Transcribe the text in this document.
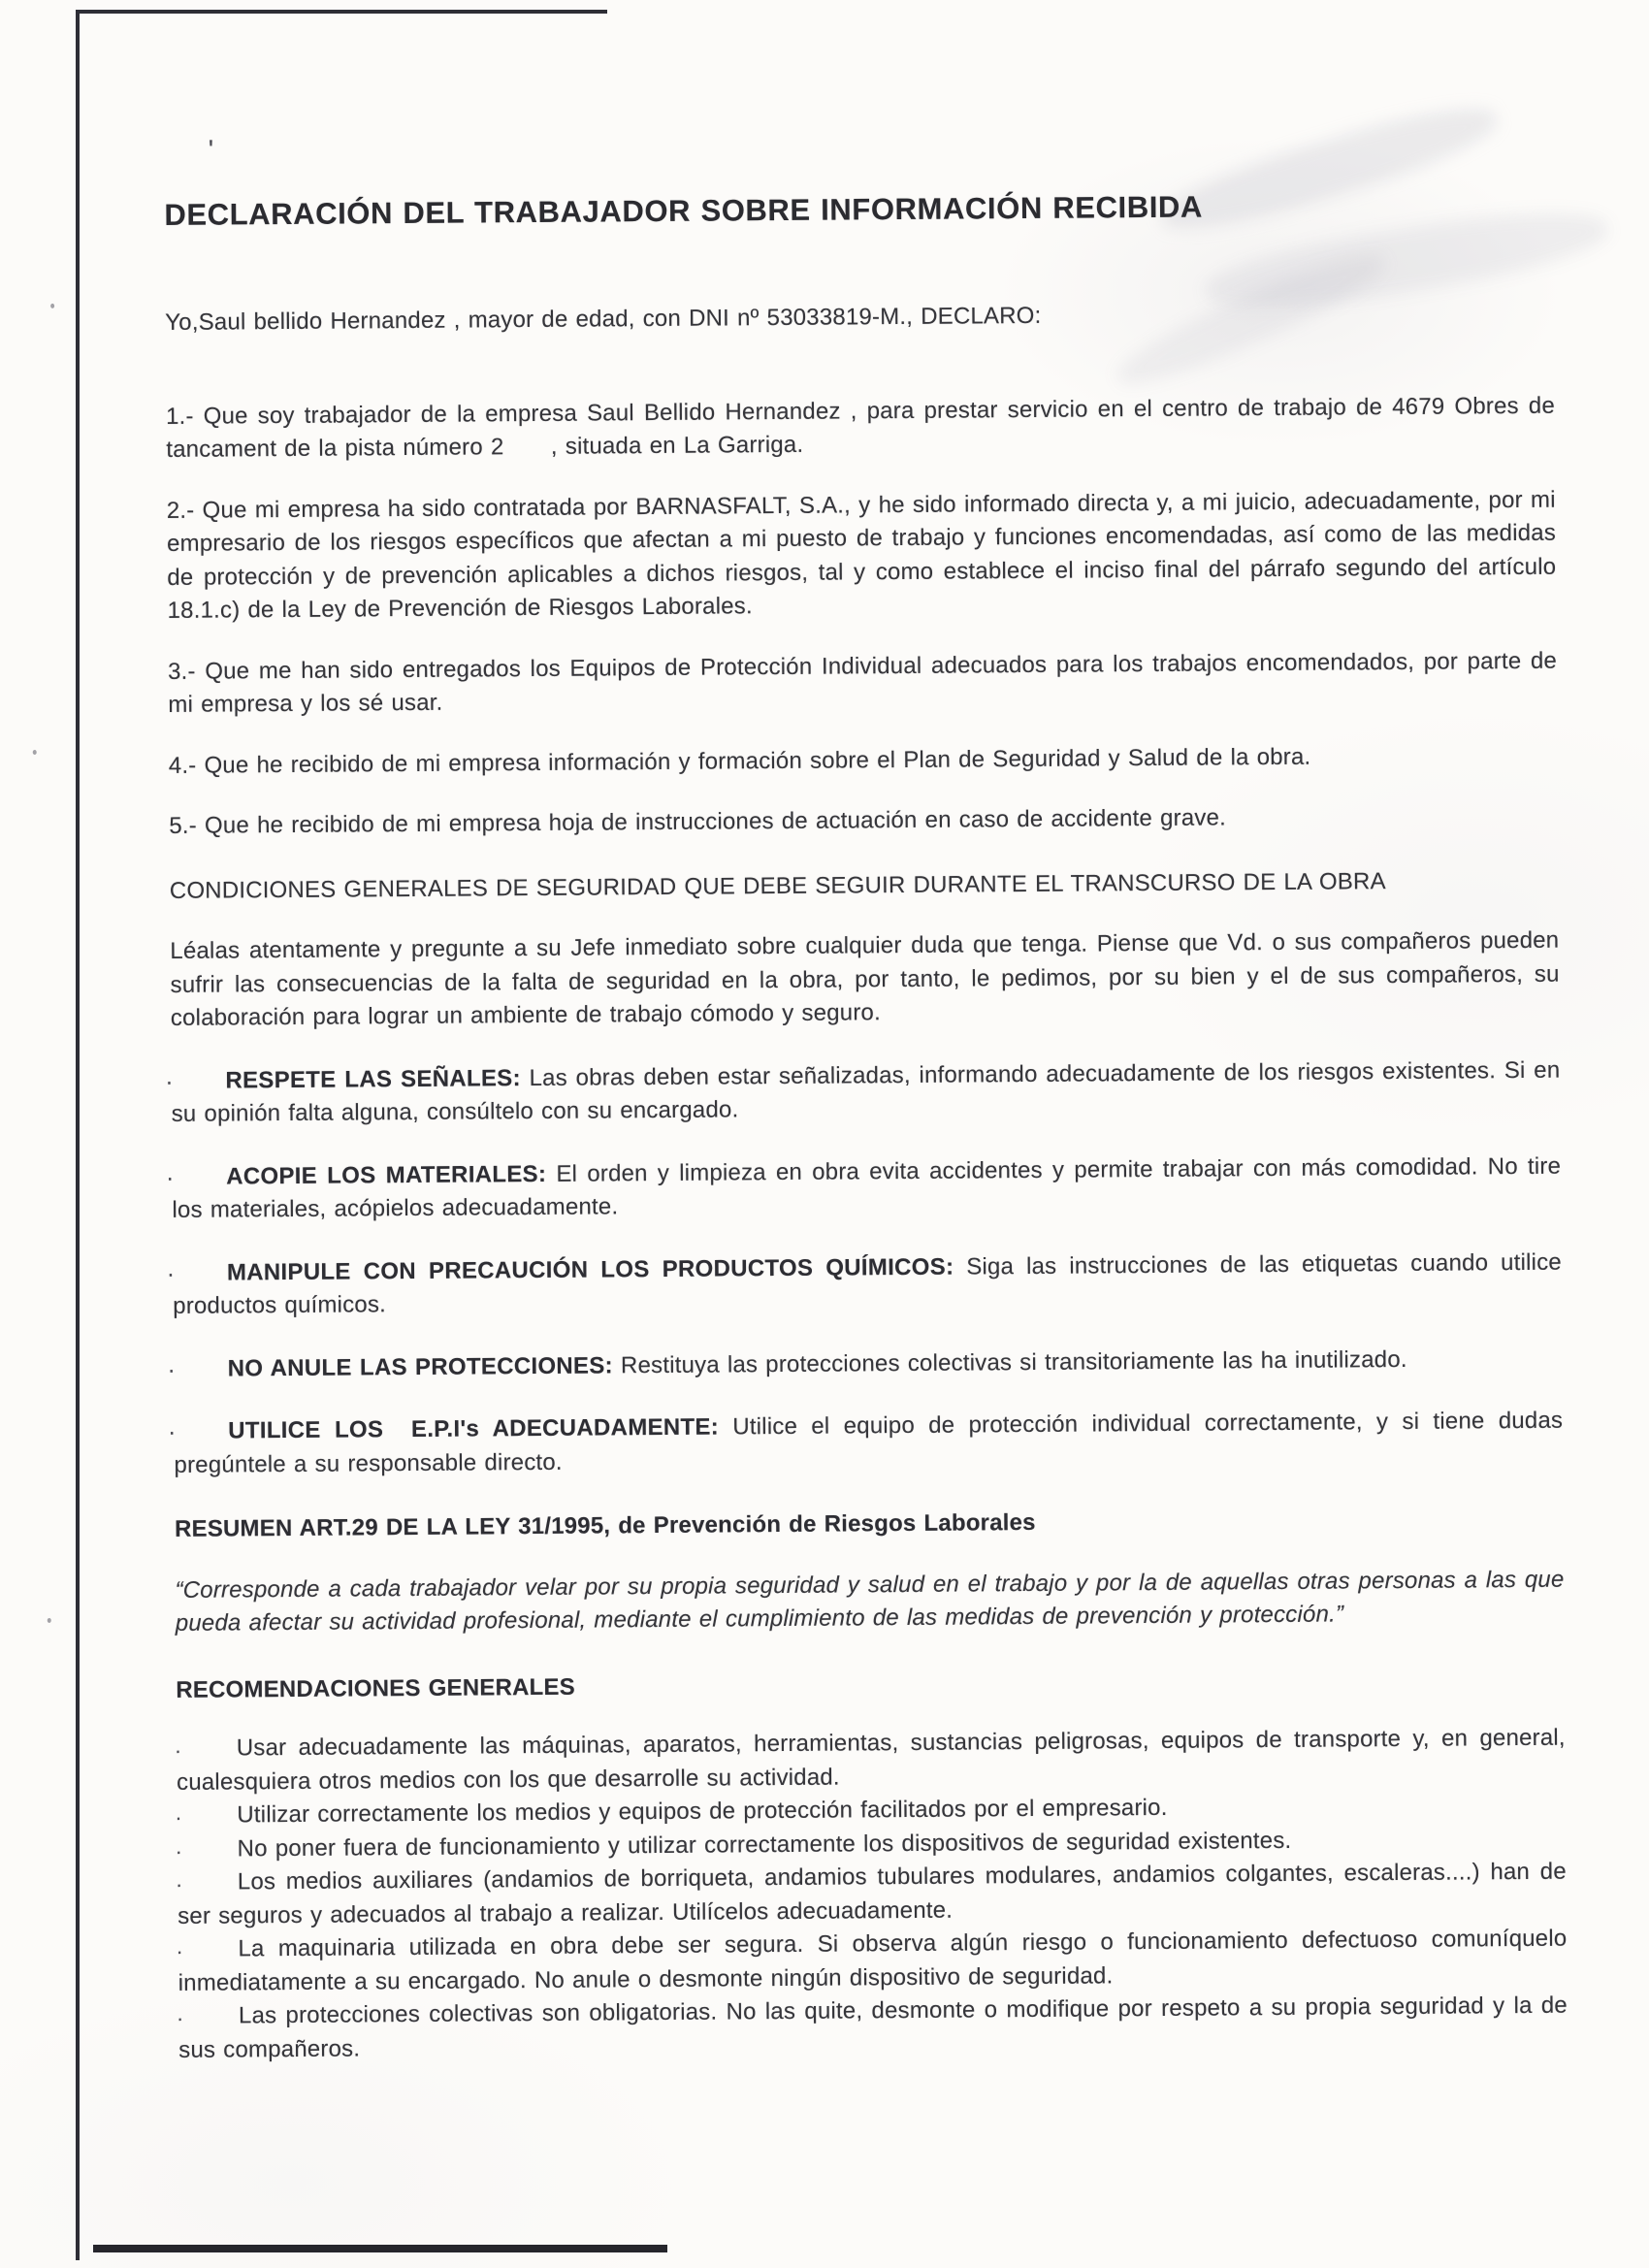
'
DECLARACIÓN DEL TRABAJADOR SOBRE INFORMACIÓN RECIBIDA

Yo,Saul bellido Hernandez , mayor de edad, con DNI nº 53033819-M., DECLARO:

1.- Que soy trabajador de la empresa Saul Bellido Hernandez , para prestar servicio en el centro de trabajo de 4679 Obres de tancament de la pista número 2      , situada en La Garriga.

2.- Que mi empresa ha sido contratada por BARNASFALT, S.A., y he sido informado directa y, a mi juicio, adecuadamente, por mi empresario de los riesgos específicos que afectan a mi puesto de trabajo y funciones encomendadas, así como de las medidas de protección y de prevención aplicables a dichos riesgos, tal y como establece el inciso final del párrafo segundo del artículo 18.1.c) de la Ley de Prevención de Riesgos Laborales.

3.- Que me han sido entregados los Equipos de Protección Individual adecuados para los trabajos encomendados, por parte de mi empresa y los sé usar.

4.- Que he recibido de mi empresa información y formación sobre el Plan de Seguridad y Salud de la obra.

5.- Que he recibido de mi empresa hoja de instrucciones de actuación en caso de accidente grave.

CONDICIONES GENERALES DE SEGURIDAD QUE DEBE SEGUIR DURANTE EL TRANSCURSO DE LA OBRA

Léalas atentamente y pregunte a su Jefe inmediato sobre cualquier duda que tenga. Piense que Vd. o sus compañeros pueden sufrir las consecuencias de la falta de seguridad en la obra, por tanto, le pedimos, por su bien y el de sus compañeros, su colaboración para lograr un ambiente de trabajo cómodo y seguro.

· RESPETE LAS SEÑALES: Las obras deben estar señalizadas, informando adecuadamente de los riesgos existentes. Si en su opinión falta alguna, consúltelo con su encargado.

· ACOPIE LOS MATERIALES: El orden y limpieza en obra evita accidentes y permite trabajar con más comodidad. No tire los materiales, acópielos adecuadamente.

· MANIPULE CON PRECAUCIÓN LOS PRODUCTOS QUÍMICOS: Siga las instrucciones de las etiquetas cuando utilice productos químicos.

· NO ANULE LAS PROTECCIONES: Restituya las protecciones colectivas si transitoriamente las ha inutilizado.

· UTILICE LOS  E.P.I's ADECUADAMENTE: Utilice el equipo de protección individual correctamente, y si tiene dudas pregúntele a su responsable directo.

RESUMEN ART.29 DE LA LEY 31/1995, de Prevención de Riesgos Laborales

“Corresponde a cada trabajador velar por su propia seguridad y salud en el trabajo y por la de aquellas otras personas a las que pueda afectar su actividad profesional, mediante el cumplimiento de las medidas de prevención y protección.”

RECOMENDACIONES GENERALES

· Usar adecuadamente las máquinas, aparatos, herramientas, sustancias peligrosas, equipos de transporte y, en general, cualesquiera otros medios con los que desarrolle su actividad.

· Utilizar correctamente los medios y equipos de protección facilitados por el empresario.

· No poner fuera de funcionamiento y utilizar correctamente los dispositivos de seguridad existentes.

· Los medios auxiliares (andamios de borriqueta, andamios tubulares modulares, andamios colgantes, escaleras....) han de ser seguros y adecuados al trabajo a realizar. Utilícelos adecuadamente.

· La maquinaria utilizada en obra debe ser segura. Si observa algún riesgo o funcionamiento defectuoso comuníquelo inmediatamente a su encargado. No anule o desmonte ningún dispositivo de seguridad.

· Las protecciones colectivas son obligatorias. No las quite, desmonte o modifique por respeto a su propia seguridad y la de sus compañeros.
